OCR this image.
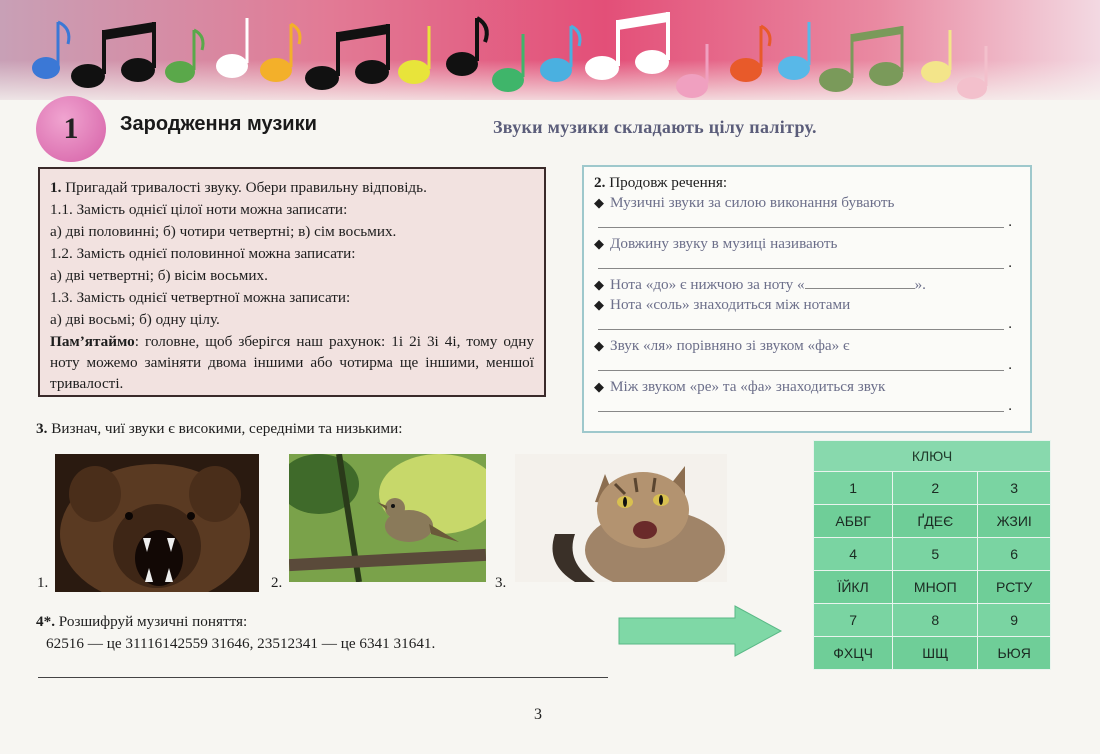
1 Зародження музики	Звуки музики складають цілу палітру.

1. Пригадай тривалості звуку. Обери правильну відповідь.

1.1. Замість однієї цілої ноти можна записати:

а) дві половинні; б) чотири четвертні; в) сім восьмих.

1.2. Замість однієї половинної можна записати:

а) дві четвертні; б) вісім восьмих.

1.3. Замість однієї четвертної можна записати:

а) дві восьмі; б) одну цілу.

Пам’ятаймо: головне, щоб зберігся наш рахунок: 1і 2і 3і 4і, тому одну ноту можемо заміняти двома іншими або чотирма ще іншими, меншої тривалості.

2. Продовж речення:
◆ Музичні звуки за силою виконання бувають
.
◆ Довжину звуку в музиці називають
.
◆ Нота «до» є нижчою за ноту «	».
◆ Нота «соль» знаходиться між нотами
.
◆ Звук «ля» порівняно зі звуком «фа» є
.
◆ Між звуком «ре» та «фа» знаходиться звук
.
3. Визнач, чиї звуки є високими, середніми та низькими:
1.	2.	3.
4*. Розшифруй музичні поняття:
62516 — це 31116142559 31646, 23512341 — це 6341 31641.
КЛЮЧ		
1	2	3
АБВГ	ҐДЕЄ	ЖЗИІ
4	5	6
ЇЙКЛ	МНОП	РСТУ
7	8	9
ФХЦЧ	ШЩ	ЬЮЯ
3
